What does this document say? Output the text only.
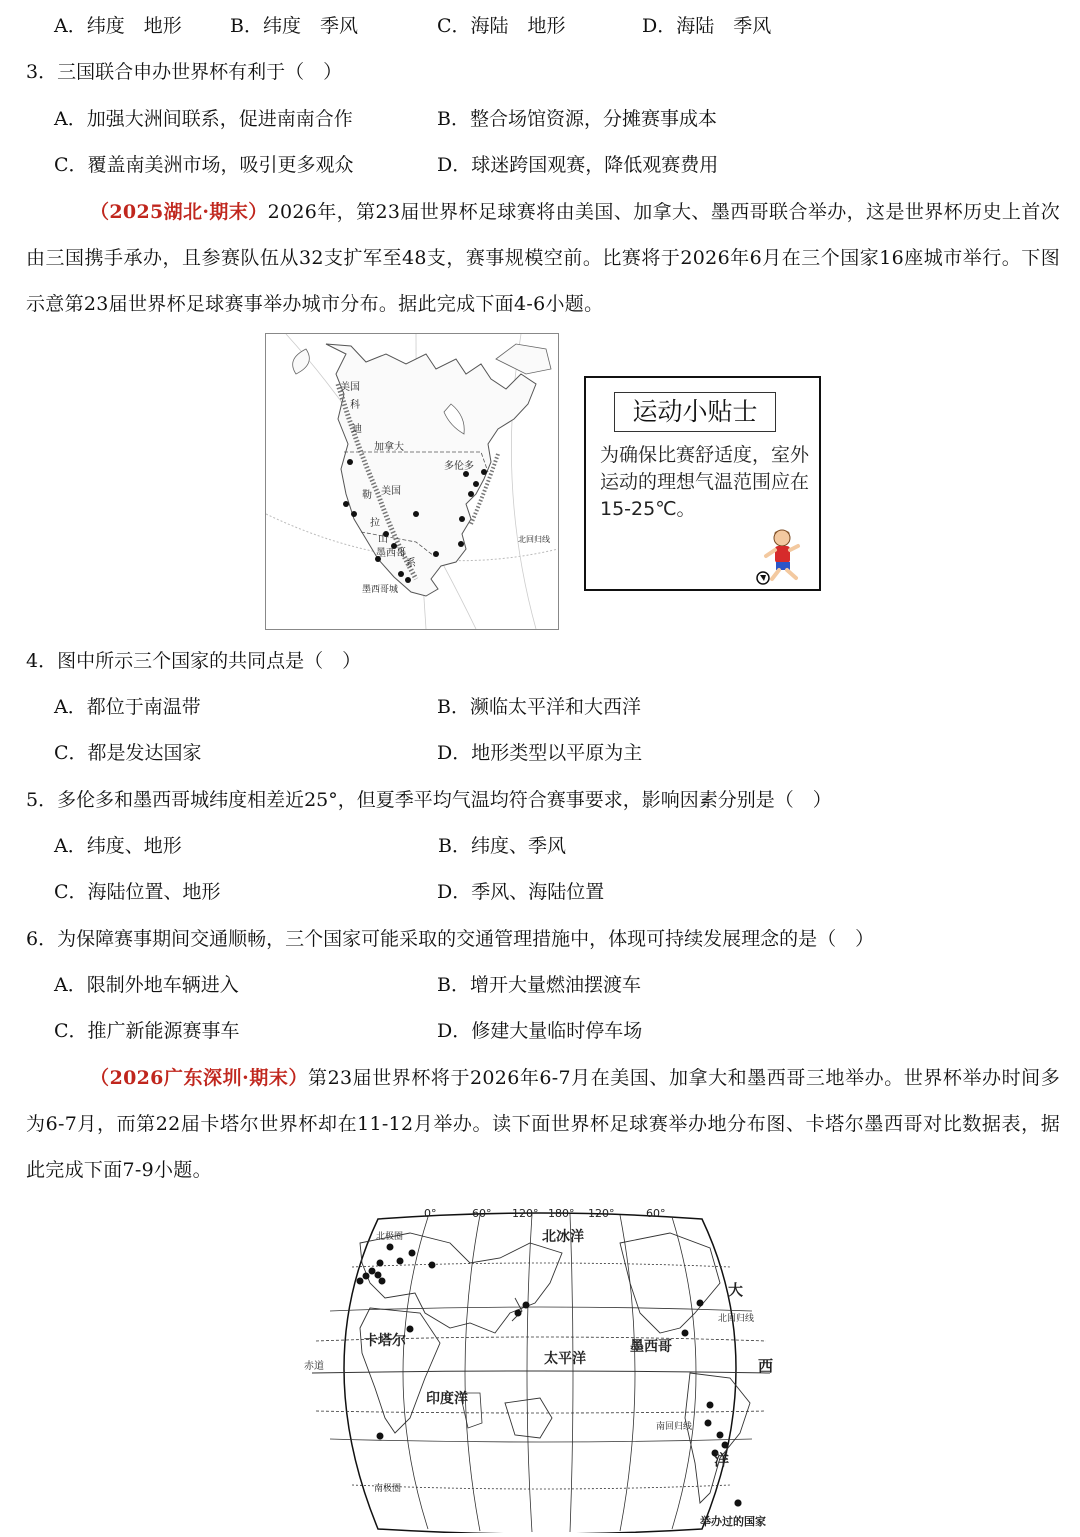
A．纬度　地形	B．纬度　季风	C．海陆　地形	D．海陆　季风
3．三国联合申办世界杯有利于（　）
A．加强大洲间联系，促进南南合作	B．整合场馆资源，分摊赛事成本
C．覆盖南美洲市场，吸引更多观众	D．球迷跨国观赛，降低观赛费用
（2025湖北·期末）2026年，第23届世界杯足球赛将由美国、加拿大、墨西哥联合举办，这是世界杯历史上首次由三国携手承办，且参赛队伍从32支扩军至48支，赛事规模空前。比赛将于2026年6月在三个国家16座城市举行。下图示意第23届世界杯足球赛事举办城市分布。据此完成下面4-6小题。
美国
科
迪
加拿大
多伦多
美国
勒
拉
山
墨西哥
系
墨西哥城
北回归线
运动小贴士
为确保比赛舒适度，室外运动的理想气温范围应在15-25℃。
4．图中所示三个国家的共同点是（　）
A．都位于南温带	B．濒临太平洋和大西洋
C．都是发达国家	D．地形类型以平原为主
5．多伦多和墨西哥城纬度相差近25°，但夏季平均气温均符合赛事要求，影响因素分别是（　）
A．纬度、地形	B．纬度、季风
C．海陆位置、地形	D．季风、海陆位置
6．为保障赛事期间交通顺畅，三个国家可能采取的交通管理措施中，体现可持续发展理念的是（　）
A．限制外地车辆进入	B．增开大量燃油摆渡车
C．推广新能源赛事车	D．修建大量临时停车场
（2026广东深圳·期末）第23届世界杯将于2026年6-7月在美国、加拿大和墨西哥三地举办。世界杯举办时间多为6-7月，而第22届卡塔尔世界杯却在11-12月举办。读下面世界杯足球赛举办地分布图、卡塔尔墨西哥对比数据表，据此完成下面7-9小题。
0°	60° 120° 180° 120°	60°
北冰洋
北极圈
北回归线
卡塔尔
赤道	太平洋
墨西哥
大
西
印度洋
南回归线
洋
南极圈
举办过的国家
